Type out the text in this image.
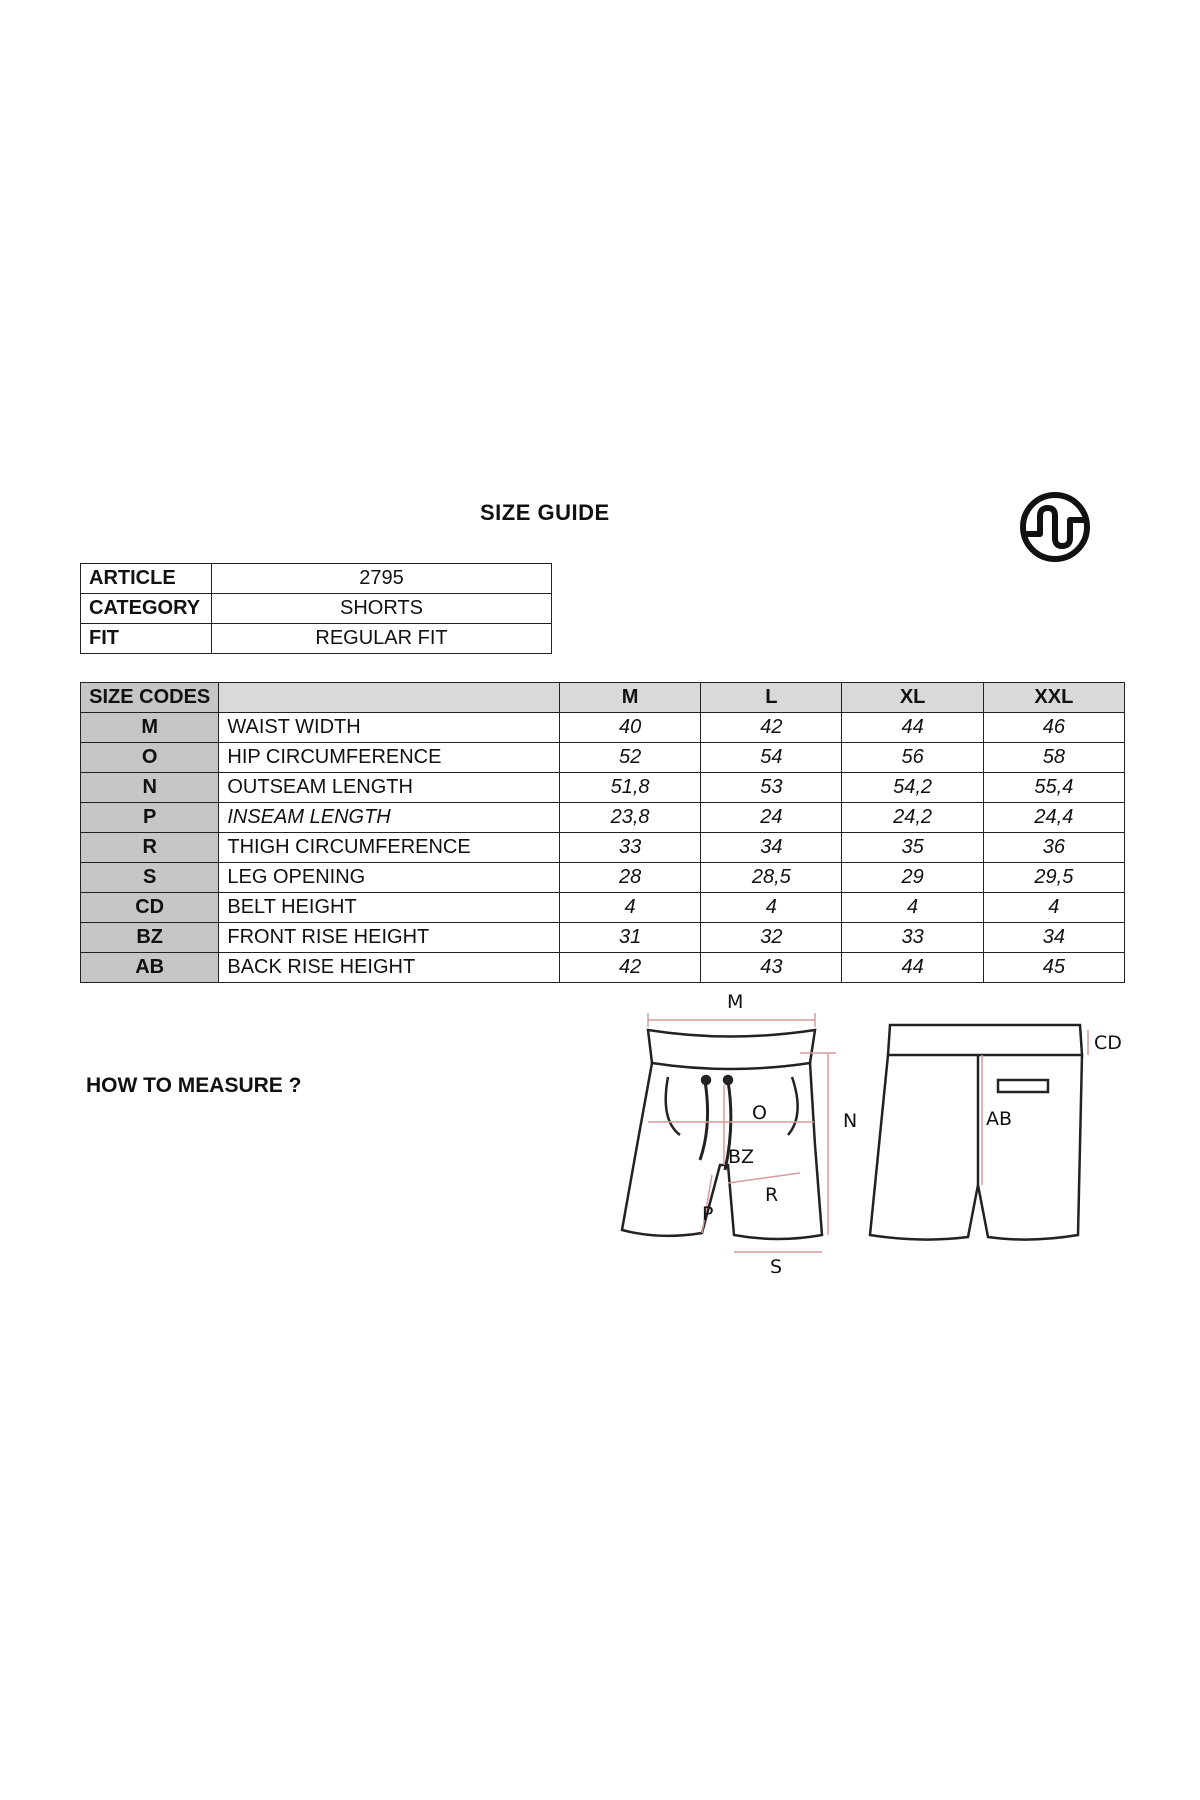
SIZE GUIDE
ARTICLE	2795
CATEGORY	SHORTS
FIT	REGULAR FIT
SIZE CODES		M	L	XL	XXL
M	WAIST WIDTH	40	42	44	46
O	HIP CIRCUMFERENCE	52	54	56	58
N	OUTSEAM LENGTH	51,8	53	54,2	55,4
P	INSEAM LENGTH	23,8	24	24,2	24,4
R	THIGH CIRCUMFERENCE	33	34	35	36
S	LEG OPENING	28	28,5	29	29,5
CD	BELT HEIGHT	4	4	4	4
BZ	FRONT RISE HEIGHT	31	32	33	34
AB	BACK RISE HEIGHT	42	43	44	45
HOW TO MEASURE ?
M
O	N
BZ
R
P
S
CD
AB
